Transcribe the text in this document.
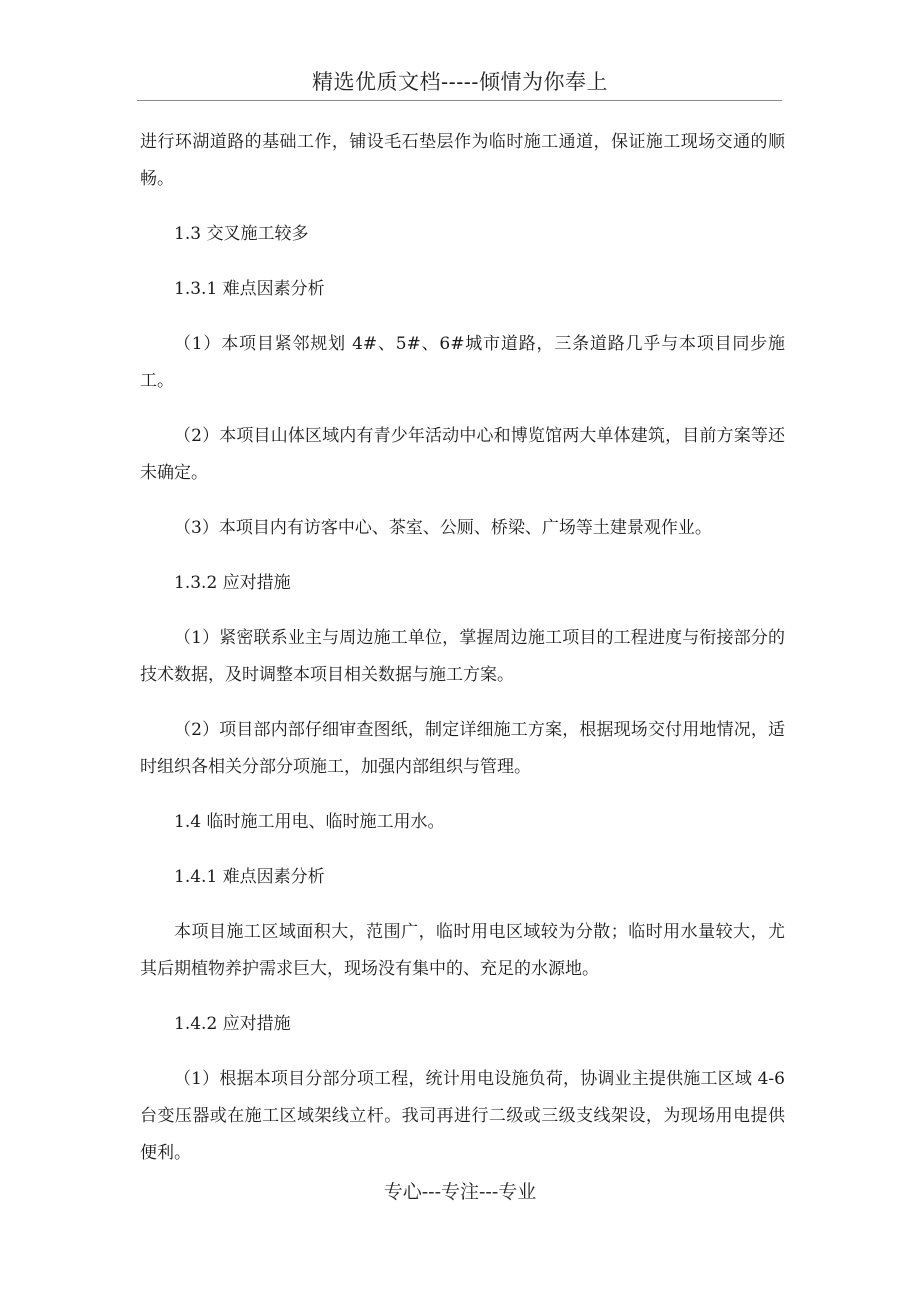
精选优质文档-----倾情为你奉上

进行环湖道路的基础工作，铺设毛石垫层作为临时施工通道，保证施工现场交通的顺畅。

1.3 交叉施工较多

1.3.1 难点因素分析

（1）本项目紧邻规划 4#、5#、6#城市道路，三条道路几乎与本项目同步施工。

（2）本项目山体区域内有青少年活动中心和博览馆两大单体建筑，目前方案等还未确定。

（3）本项目内有访客中心、茶室、公厕、桥梁、广场等土建景观作业。

1.3.2 应对措施

（1）紧密联系业主与周边施工单位，掌握周边施工项目的工程进度与衔接部分的技术数据，及时调整本项目相关数据与施工方案。

（2）项目部内部仔细审查图纸，制定详细施工方案，根据现场交付用地情况，适时组织各相关分部分项施工，加强内部组织与管理。

1.4 临时施工用电、临时施工用水。

1.4.1 难点因素分析

本项目施工区域面积大，范围广，临时用电区域较为分散；临时用水量较大，尤其后期植物养护需求巨大，现场没有集中的、充足的水源地。

1.4.2 应对措施

（1）根据本项目分部分项工程，统计用电设施负荷，协调业主提供施工区域 4-6 台变压器或在施工区域架线立杆。我司再进行二级或三级支线架设，为现场用电提供便利。

专心---专注---专业
